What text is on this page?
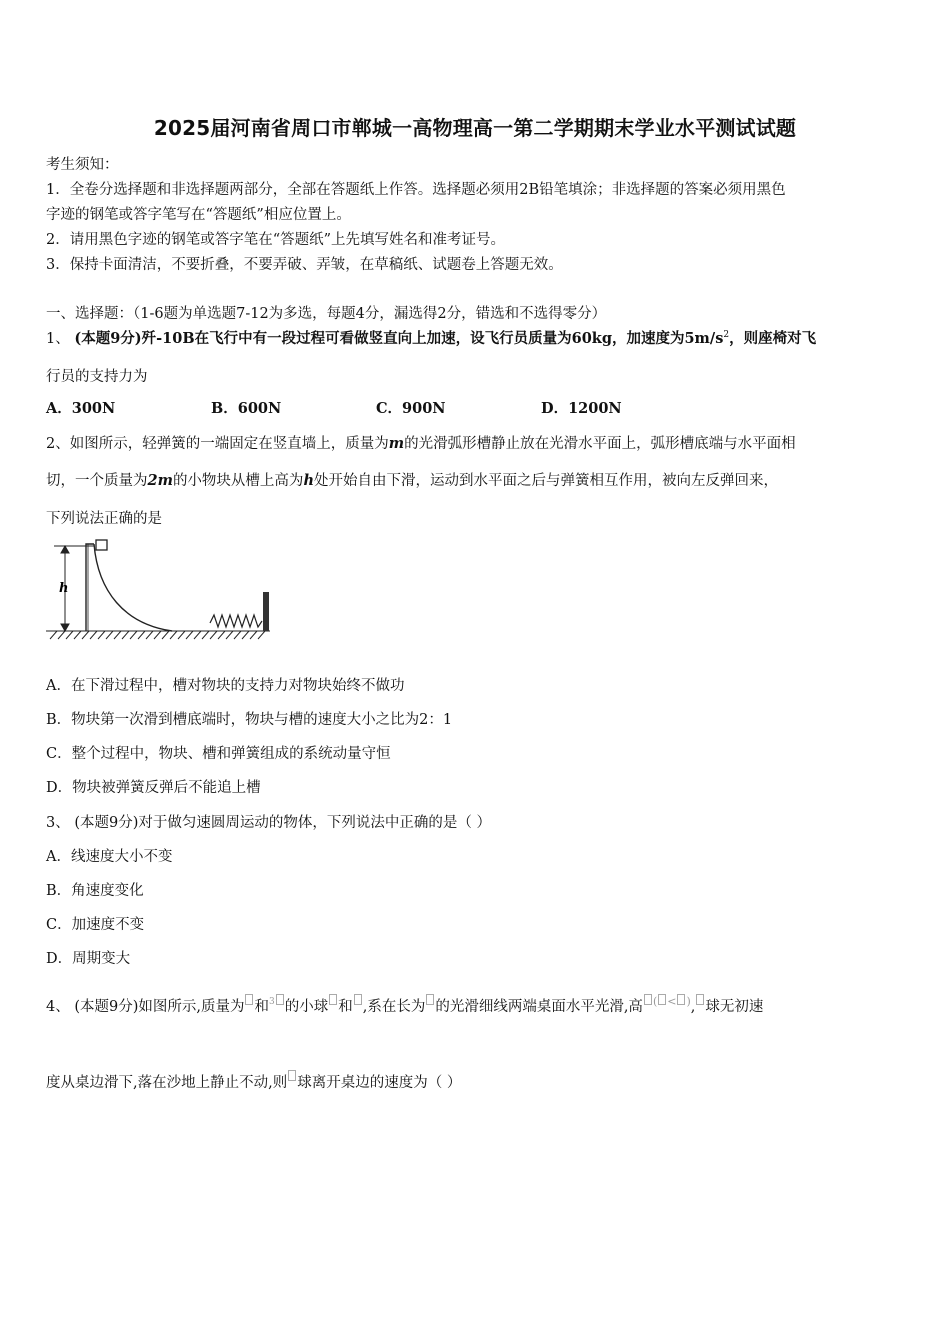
2025届河南省周口市郸城一高物理高一第二学期期末学业水平测试试题
考生须知：
1．全卷分选择题和非选择题两部分，全部在答题纸上作答。选择题必须用2B铅笔填涂；非选择题的答案必须用黑色
字迹的钢笔或答字笔写在“答题纸”相应位置上。
2．请用黑色字迹的钢笔或答字笔在“答题纸”上先填写姓名和准考证号。
3．保持卡面清洁，不要折叠，不要弄破、弄皱，在草稿纸、试题卷上答题无效。
一、选择题：（1-6题为单选题7-12为多选，每题4分，漏选得2分，错选和不选得零分）
1、 (本题9分)歼-10B在飞行中有一段过程可看做竖直向上加速，设飞行员质量为60kg，加速度为$5m/s^2$，则座椅对飞
行员的支持力为
A．300N	B．600N	C．900N	D．1200N
2、如图所示，轻弹簧的一端固定在竖直墙上，质量为m的光滑弧形槽静止放在光滑水平面上，弧形槽底端与水平面相
切，一个质量为2m的小物块从槽上高为h处开始自由下滑，运动到水平面之后与弹簧相互作用，被向左反弹回来，
下列说法正确的是
h
A．在下滑过程中，槽对物块的支持力对物块始终不做功
B．物块第一次滑到槽底端时，物块与槽的速度大小之比为2：1
C．整个过程中，物块、槽和弹簧组成的系统动量守恒
D．物块被弹簧反弹后不能追上槽
3、 (本题9分)对于做匀速圆周运动的物体，下列说法中正确的是（ ）
A．线速度大小不变
B．角速度变化
C．加速度不变
D．周期变大
4、 (本题9分)如图所示,质量为 和$^3$ 的小球 和 ,系在长为 的光滑细线两端桌面水平光滑,高 ( < ), 球无初速
度从桌边滑下,落在沙地上静止不动,则 球离开桌边的速度为（ ）
